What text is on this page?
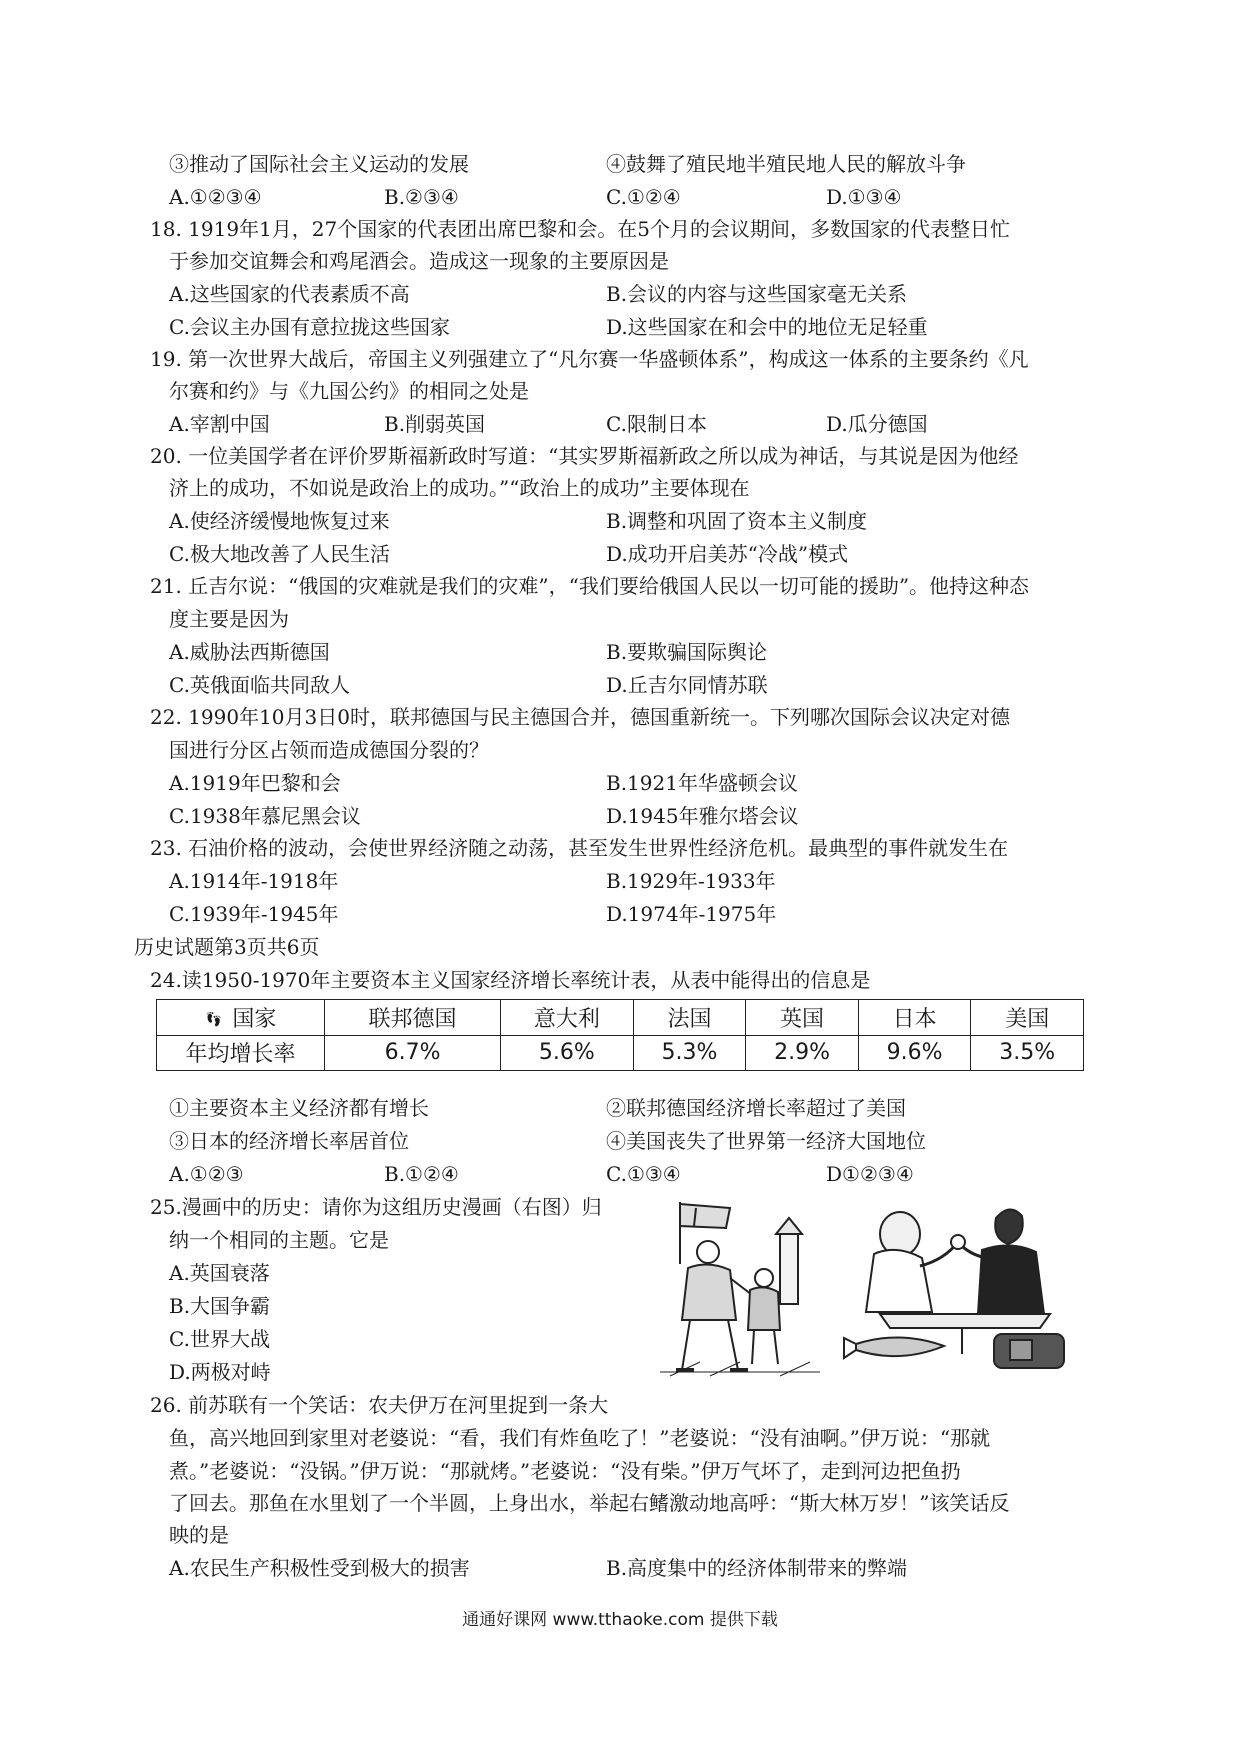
③推动了国际社会主义运动的发展	④鼓舞了殖民地半殖民地人民的解放斗争
A.①②③④	B.②③④	C.①②④	D.①③④
18. 1919年1月，27个国家的代表团出席巴黎和会。在5个月的会议期间，多数国家的代表整日忙
于参加交谊舞会和鸡尾酒会。造成这一现象的主要原因是
A.这些国家的代表素质不高	B.会议的内容与这些国家毫无关系
C.会议主办国有意拉拢这些国家	D.这些国家在和会中的地位无足轻重
19. 第一次世界大战后，帝国主义列强建立了“凡尔赛一华盛顿体系”，构成这一体系的主要条约《凡
尔赛和约》与《九国公约》的相同之处是
A.宰割中国	B.削弱英国	C.限制日本	D.瓜分德国
20. 一位美国学者在评价罗斯福新政时写道：“其实罗斯福新政之所以成为神话，与其说是因为他经
济上的成功，不如说是政治上的成功。”“政治上的成功”主要体现在
A.使经济缓慢地恢复过来	B.调整和巩固了资本主义制度
C.极大地改善了人民生活	D.成功开启美苏“冷战”模式
21. 丘吉尔说：“俄国的灾难就是我们的灾难”，“我们要给俄国人民以一切可能的援助”。他持这种态
度主要是因为
A.威胁法西斯德国	B.要欺骗国际舆论
C.英俄面临共同敌人	D.丘吉尔同情苏联
22. 1990年10月3日0时，联邦德国与民主德国合并，德国重新统一。下列哪次国际会议决定对德
国进行分区占领而造成德国分裂的？
A.1919年巴黎和会	B.1921年华盛顿会议
C.1938年慕尼黑会议	D.1945年雅尔塔会议
23. 石油价格的波动，会使世界经济随之动荡，甚至发生世界性经济危机。最典型的事件就发生在
A.1914年-1918年	B.1929年-1933年
C.1939年-1945年	D.1974年-1975年
历史试题第3页共6页
24.读1950-1970年主要资本主义国家经济增长率统计表，从表中能得出的信息是
👣︎ 国家	联邦德国	意大利	法国	英国	日本	美国
年均增长率	6.7%	5.6%	5.3%	2.9%	9.6%	3.5%
①主要资本主义经济都有增长	②联邦德国经济增长率超过了美国
③日本的经济增长率居首位	④美国丧失了世界第一经济大国地位
A.①②③	B.①②④	C.①③④	D①②③④
25.漫画中的历史：请你为这组历史漫画（右图）归
纳一个相同的主题。它是
A.英国衰落
B.大国争霸
C.世界大战
D.两极对峙
26. 前苏联有一个笑话：农夫伊万在河里捉到一条大
鱼，高兴地回到家里对老婆说：“看，我们有炸鱼吃了！”老婆说：“没有油啊。”伊万说：“那就
煮。”老婆说：“没锅。”伊万说：“那就烤。”老婆说：“没有柴。”伊万气坏了，走到河边把鱼扔
了回去。那鱼在水里划了一个半圆，上身出水，举起右鳍激动地高呼：“斯大林万岁！”该笑话反
映的是
A.农民生产积极性受到极大的损害	B.高度集中的经济体制带来的弊端
通通好课网 www.tthaoke.com 提供下载
